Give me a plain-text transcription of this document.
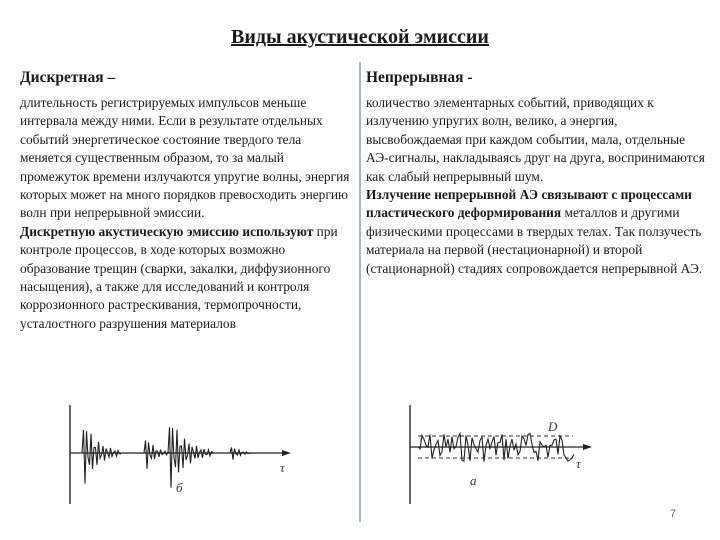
Виды акустической эмиссии
Дискретная –

длительность регистрируемых импульсов меньше интервала между ними. Если в результате отдельных событий энергетическое состояние твердого тела меняется существенным образом, то за малый промежуток времени излучаются упругие волны, энергия которых может на много порядков превосходить энергию волн при непрерывной эмиссии.

Дискретную акустическую эмиссию используют при контроле процессов, в ходе которых возможно образование трещин (сварки, закалки, диффузионного насыщения), а также для исследований и контроля коррозионного растрескивания, термопрочности, усталостного разрушения материалов

Непрерывная -

количество элементарных событий, приводящих к излучению упругих волн, велико, а энергия, высвобождаемая при каждом событии, мала, отдельные АЭ-сигналы, накладываясь друг на друга, воспринимаются как слабый непрерывный шум.

Излучение непрерывной АЭ связывают с процессами пластического деформирования металлов и другими физическими процессами в твердых телах. Так ползучесть материала на первой (нестационарной) и второй (стационарной) стадиях сопровождается непрерывной АЭ.

τ
б
D
τ
а
7
